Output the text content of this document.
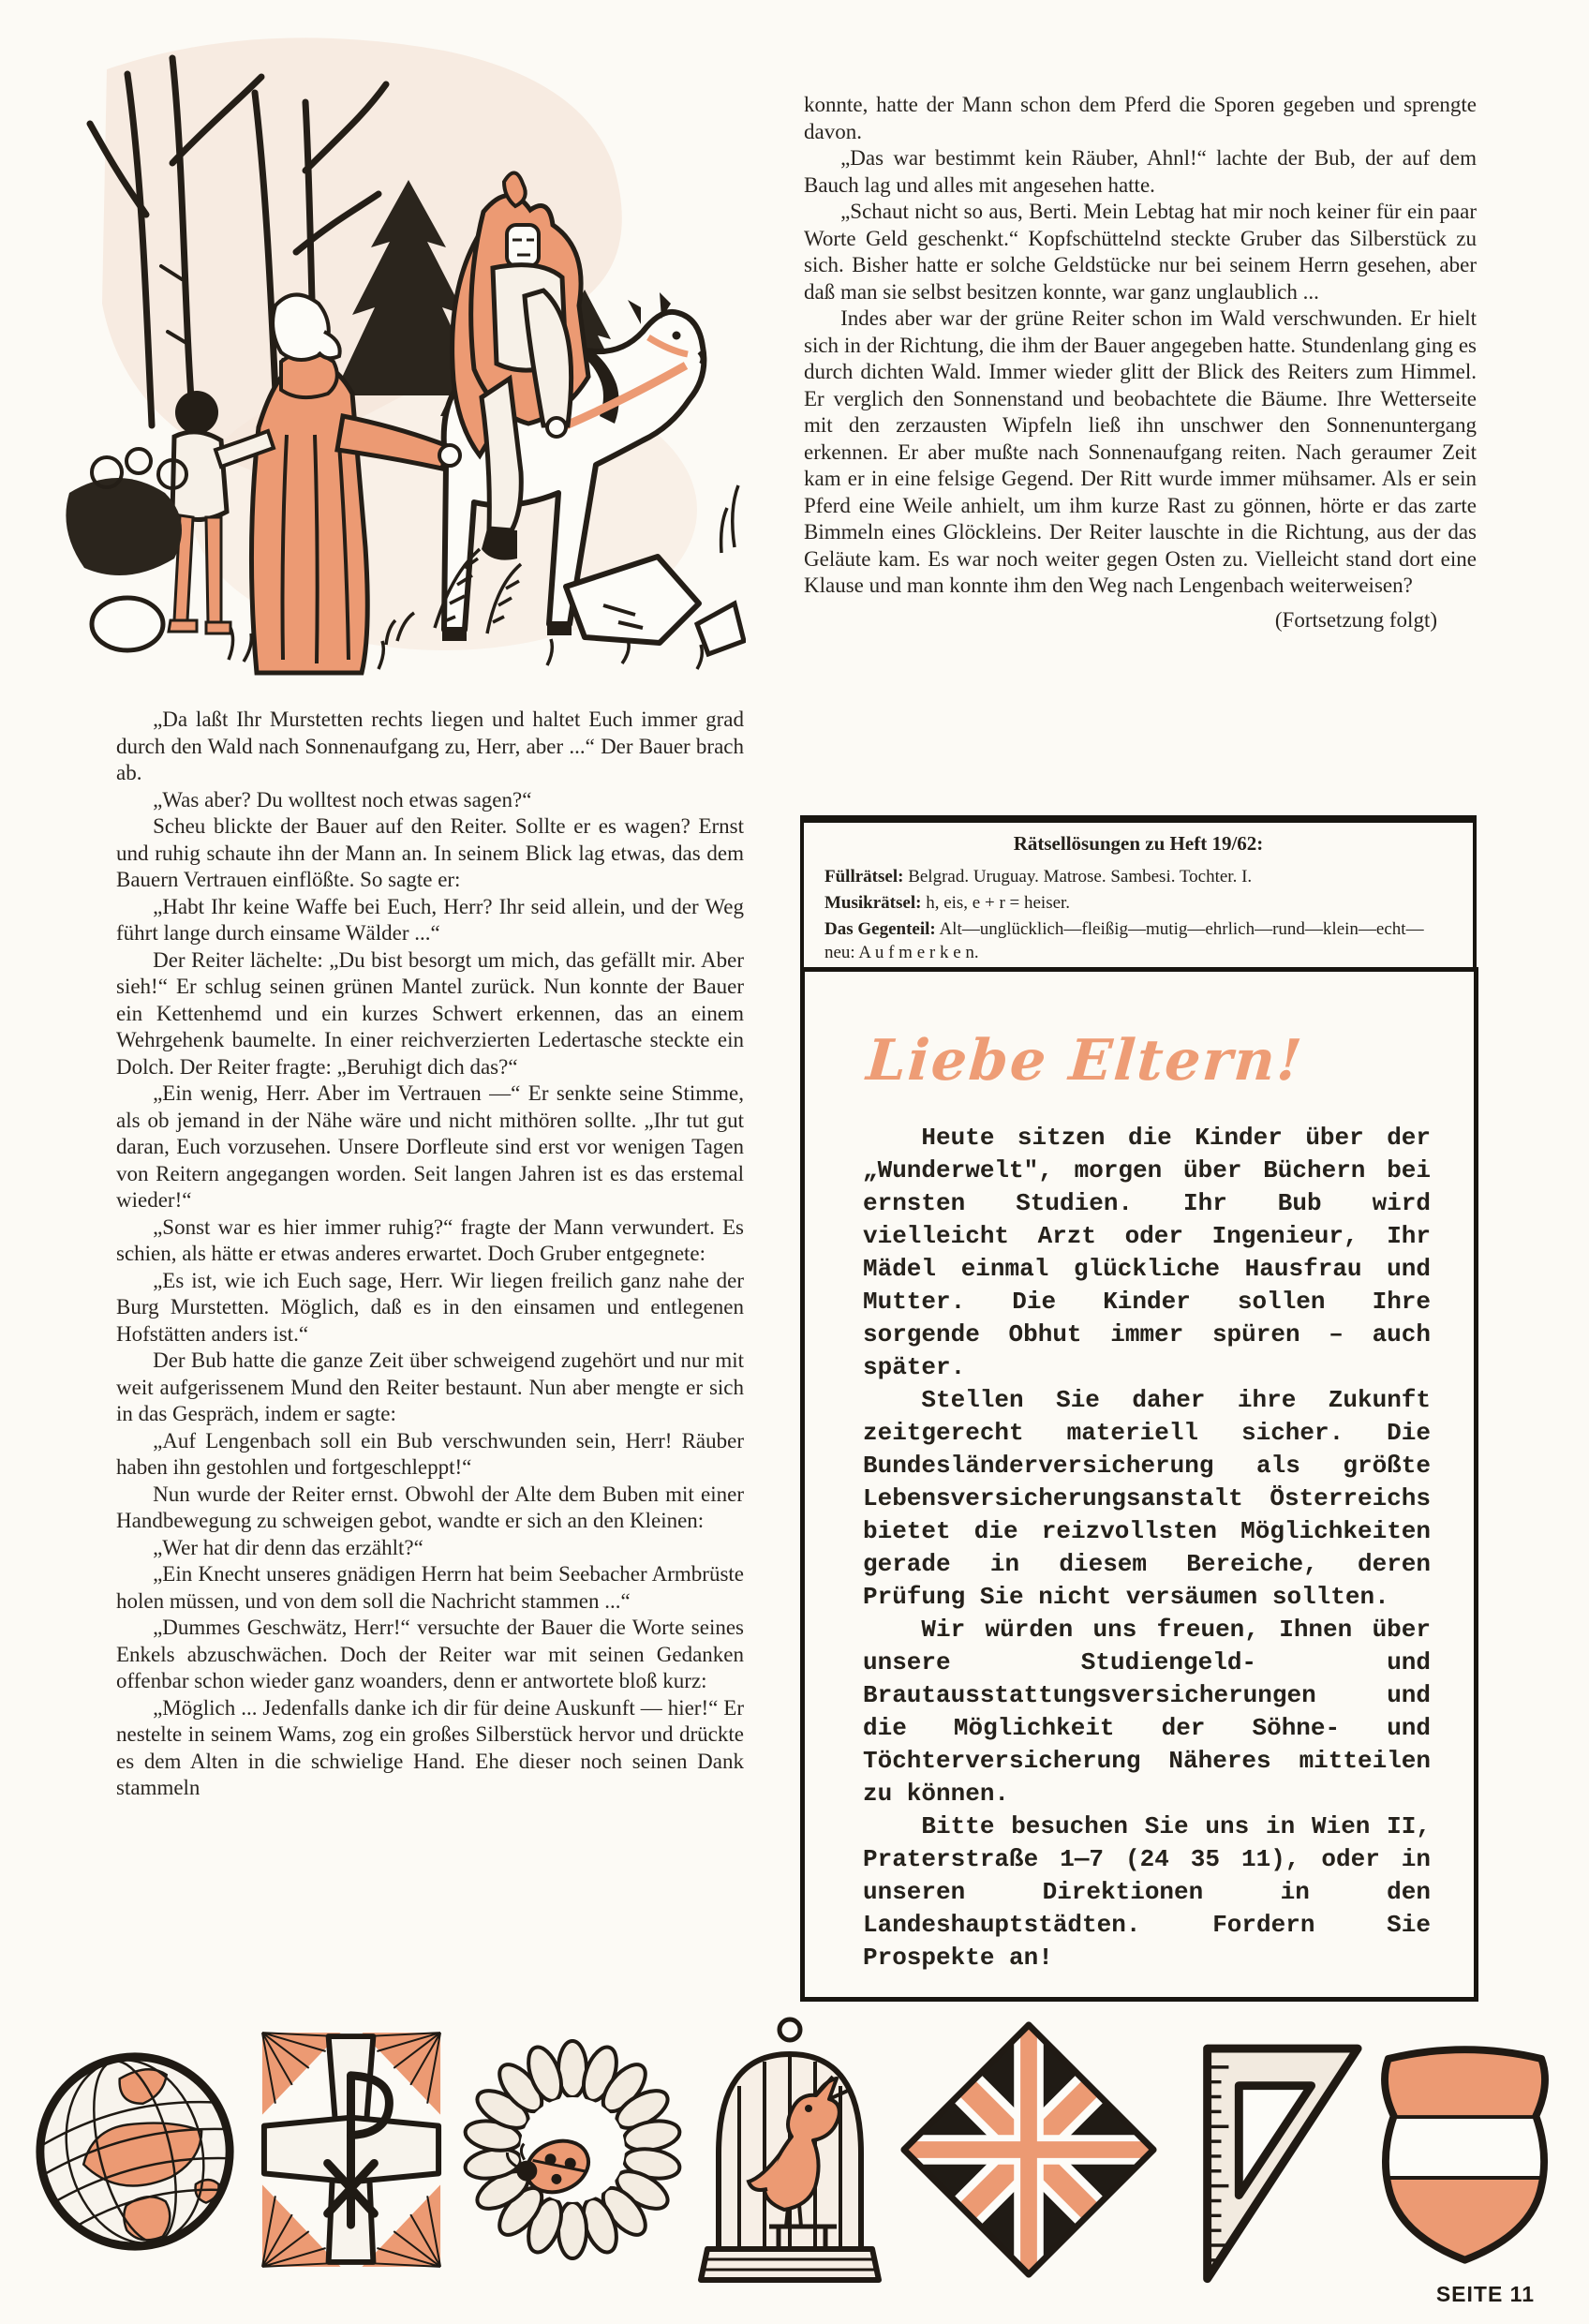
„Da laßt Ihr Murstetten rechts liegen und haltet Euch immer grad durch den Wald nach Sonnenaufgang zu, Herr, aber ...“ Der Bauer brach ab.

„Was aber? Du wolltest noch etwas sagen?“

Scheu blickte der Bauer auf den Reiter. Sollte er es wagen? Ernst und ruhig schaute ihn der Mann an. In seinem Blick lag etwas, das dem Bauern Vertrauen einflößte. So sagte er:

„Habt Ihr keine Waffe bei Euch, Herr? Ihr seid allein, und der Weg führt lange durch einsame Wälder ...“

Der Reiter lächelte: „Du bist besorgt um mich, das gefällt mir. Aber sieh!“ Er schlug seinen grünen Mantel zurück. Nun konnte der Bauer ein Kettenhemd und ein kurzes Schwert erkennen, das an einem Wehrgehenk baumelte. In einer reichverzierten Ledertasche steckte ein Dolch. Der Reiter fragte: „Beruhigt dich das?“

„Ein wenig, Herr. Aber im Vertrauen —“ Er senkte seine Stimme, als ob jemand in der Nähe wäre und nicht mithören sollte. „Ihr tut gut daran, Euch vorzusehen. Unsere Dorfleute sind erst vor wenigen Tagen von Reitern angegangen worden. Seit langen Jahren ist es das erstemal wieder!“

„Sonst war es hier immer ruhig?“ fragte der Mann verwundert. Es schien, als hätte er etwas anderes erwartet. Doch Gruber entgegnete:

„Es ist, wie ich Euch sage, Herr. Wir liegen freilich ganz nahe der Burg Murstetten. Möglich, daß es in den einsamen und entlegenen Hofstätten anders ist.“

Der Bub hatte die ganze Zeit über schweigend zugehört und nur mit weit aufgerissenem Mund den Reiter bestaunt. Nun aber mengte er sich in das Gespräch, indem er sagte:

„Auf Lengenbach soll ein Bub verschwunden sein, Herr! Räuber haben ihn gestohlen und fortgeschleppt!“

Nun wurde der Reiter ernst. Obwohl der Alte dem Buben mit einer Handbewegung zu schweigen gebot, wandte er sich an den Kleinen:

„Wer hat dir denn das erzählt?“

„Ein Knecht unseres gnädigen Herrn hat beim Seebacher Armbrüste holen müssen, und von dem soll die Nachricht stammen ...“

„Dummes Geschwätz, Herr!“ versuchte der Bauer die Worte seines Enkels abzuschwächen. Doch der Reiter war mit seinen Gedanken offenbar schon wieder ganz woanders, denn er antwortete bloß kurz:

„Möglich ... Jedenfalls danke ich dir für deine Auskunft — hier!“ Er nestelte in seinem Wams, zog ein großes Silberstück hervor und drückte es dem Alten in die schwielige Hand. Ehe dieser noch seinen Dank stammeln

konnte, hatte der Mann schon dem Pferd die Sporen gegeben und sprengte davon.

„Das war bestimmt kein Räuber, Ahnl!“ lachte der Bub, der auf dem Bauch lag und alles mit angesehen hatte.

„Schaut nicht so aus, Berti. Mein Lebtag hat mir noch keiner für ein paar Worte Geld geschenkt.“ Kopfschüttelnd steckte Gruber das Silberstück zu sich. Bisher hatte er solche Geldstücke nur bei seinem Herrn gesehen, aber daß man sie selbst besitzen konnte, war ganz unglaublich ...

Indes aber war der grüne Reiter schon im Wald verschwunden. Er hielt sich in der Richtung, die ihm der Bauer angegeben hatte. Stundenlang ging es durch dichten Wald. Immer wieder glitt der Blick des Reiters zum Himmel. Er verglich den Sonnenstand und beobachtete die Bäume. Ihre Wetterseite mit den zerzausten Wipfeln ließ ihn unschwer den Sonnenuntergang erkennen. Er aber mußte nach Sonnenaufgang reiten. Nach geraumer Zeit kam er in eine felsige Gegend. Der Ritt wurde immer mühsamer. Als er sein Pferd eine Weile anhielt, um ihm kurze Rast zu gönnen, hörte er das zarte Bimmeln eines Glöckleins. Der Reiter lauschte in die Richtung, aus der das Geläute kam. Es war noch weiter gegen Osten zu. Vielleicht stand dort eine Klause und man konnte ihm den Weg nach Lengenbach weiterweisen?

(Fortsetzung folgt)
Rätsellösungen zu Heft 19/62:
Füllrätsel: Belgrad. Uruguay. Matrose. Sambesi. Tochter. I.
Musikrätsel: h, eis, e + r = heiser.
Das Gegenteil: Alt—unglücklich—fleißig—mutig—ehrlich—rund—klein—echt—neu: A u f m e r k e n.
Liebe Eltern!

Heute sitzen die Kinder über der „Wunderwelt", morgen über Büchern bei ernsten Studien. Ihr Bub wird vielleicht Arzt oder Ingenieur, Ihr Mädel einmal glückliche Hausfrau und Mutter. Die Kinder sollen Ihre sorgende Obhut immer spüren – auch später.

Stellen Sie daher ihre Zukunft zeitgerecht materiell sicher. Die Bundesländerversicherung als größte Lebensversicherungsanstalt Österreichs bietet die reizvollsten Möglichkeiten gerade in diesem Bereiche, deren Prüfung Sie nicht versäumen sollten.

Wir würden uns freuen, Ihnen über unsere Studiengeld- und Brautausstattungsversicherungen und die Möglichkeit der Söhne- und Töchterversicherung Näheres mitteilen zu können.

Bitte besuchen Sie uns in Wien II, Praterstraße 1—7 (24 35 11), oder in unseren Direktionen in den Landeshauptstädten. Fordern Sie Prospekte an!

SEITE 11
